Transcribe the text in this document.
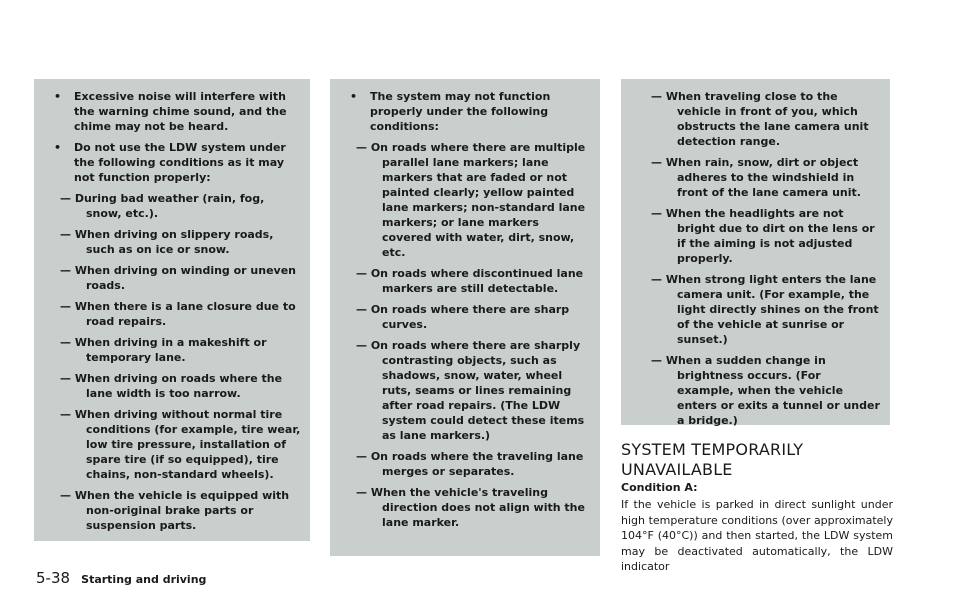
• Excessive noise will interfere with the warning chime sound, and the chime may not be heard.

• Do not use the LDW system under the following conditions as it may not function properly:

— During bad weather (rain, fog, snow, etc.).

— When driving on slippery roads, such as on ice or snow.

— When driving on winding or uneven roads.

— When there is a lane closure due to road repairs.

— When driving in a makeshift or temporary lane.

— When driving on roads where the lane width is too narrow.

— When driving without normal tire conditions (for example, tire wear, low tire pressure, installation of spare tire (if so equipped), tire chains, non-standard wheels).

— When the vehicle is equipped with non-original brake parts or suspension parts.

• The system may not function properly under the following conditions:

— On roads where there are multiple parallel lane markers; lane markers that are faded or not painted clearly; yellow painted lane markers; non-standard lane markers; or lane markers covered with water, dirt, snow, etc.

— On roads where discontinued lane markers are still detectable.

— On roads where there are sharp curves.

— On roads where there are sharply contrasting objects, such as shadows, snow, water, wheel ruts, seams or lines remaining after road repairs. (The LDW system could detect these items as lane markers.)

— On roads where the traveling lane merges or separates.

— When the vehicle's traveling direction does not align with the lane marker.

— When traveling close to the vehicle in front of you, which obstructs the lane camera unit detection range.

— When rain, snow, dirt or object adheres to the windshield in front of the lane camera unit.

— When the headlights are not bright due to dirt on the lens or if the aiming is not adjusted properly.

— When strong light enters the lane camera unit. (For example, the light directly shines on the front of the vehicle at sunrise or sunset.)

— When a sudden change in brightness occurs. (For example, when the vehicle enters or exits a tunnel or under a bridge.)

SYSTEM TEMPORARILY UNAVAILABLE

Condition A:

If the vehicle is parked in direct sunlight under high temperature conditions (over approximately 104°F (40°C)) and then started, the LDW system may be deactivated automatically, the LDW indicator

5-38 Starting and driving
